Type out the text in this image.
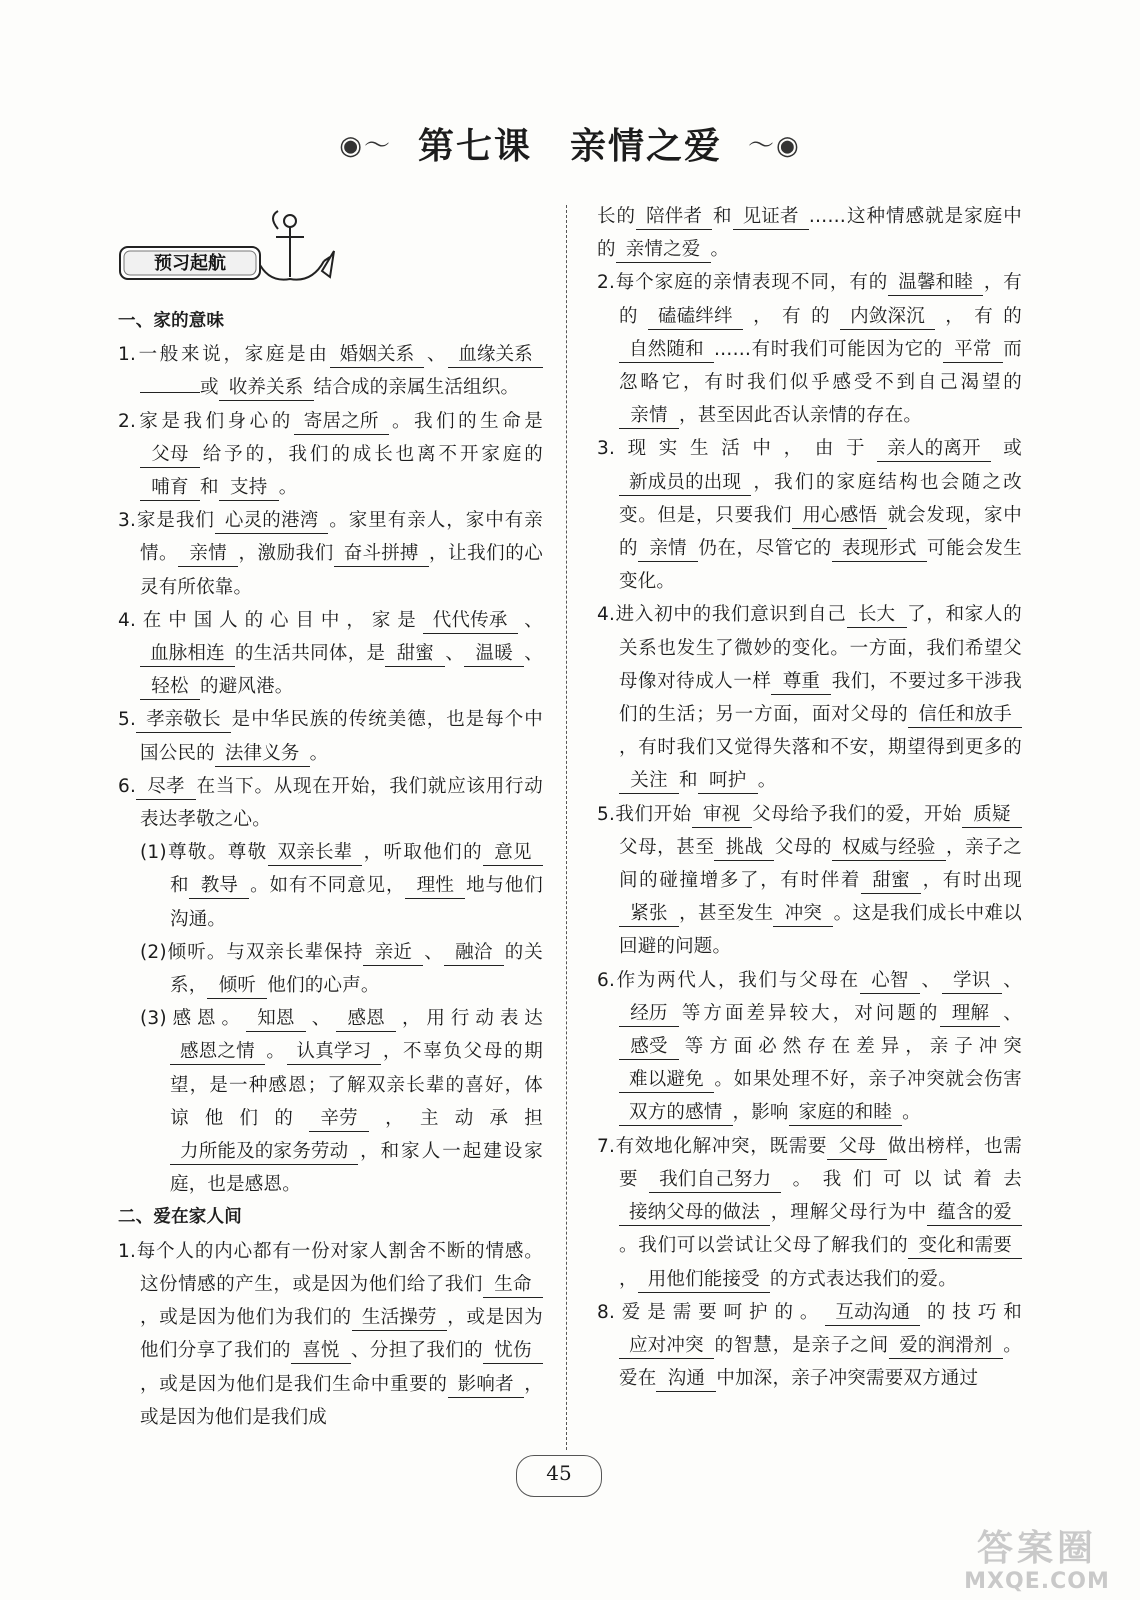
◉〜 第七课 亲情之爱 〜◉
预习起航
一、家的意味
1.一般来说，家庭是由 婚姻关系 、 血缘关系或 收养关系 结合成的亲属生活组织。
2.家是我们身心的 寄居之所 。我们的生命是父母 给予的，我们的成长也离不开家庭的哺育 和 支持 。
3.家是我们 心灵的港湾 。家里有亲人，家中有亲情。 亲情 ，激励我们 奋斗拼搏 ，让我们的心灵有所依靠。
4.在中国人的心目中，家是 代代传承 、血脉相连 的生活共同体，是 甜蜜 、 温暖 、轻松 的避风港。
5. 孝亲敬长 是中华民族的传统美德，也是每个中国公民的 法律义务 。
6. 尽孝 在当下。从现在开始，我们就应该用行动表达孝敬之心。
(1)尊敬。尊敬 双亲长辈 ，听取他们的 意见和 教导 。如有不同意见， 理性 地与他们沟通。
(2)倾听。与双亲长辈保持 亲近 、 融洽 的关系， 倾听 他们的心声。
(3)感恩。 知恩 、 感恩 ，用行动表达感恩之情 。 认真学习 ，不辜负父母的期望，是一种感恩；了解双亲长辈的喜好，体谅他们的 辛劳 ，主动承担力所能及的家务劳动 ，和家人一起建设家庭，也是感恩。
二、爱在家人间
1.每个人的内心都有一份对家人割舍不断的情感。这份情感的产生，或是因为他们给了我们 生命，或是因为他们为我们的 生活操劳 ，或是因为他们分享了我们的 喜悦 、分担了我们的 忧伤，或是因为他们是我们生命中重要的 影响者 ，或是因为他们是我们成
长的 陪伴者 和 见证者 ……这种情感就是家庭中的 亲情之爱 。
2.每个家庭的亲情表现不同，有的 温馨和睦 ，有的 磕磕绊绊 ，有的 内敛深沉 ，有的自然随和 ……有时我们可能因为它的 平常 而忽略它，有时我们似乎感受不到自己渴望的亲情 ，甚至因此否认亲情的存在。
3.现实生活中，由于 亲人的离开 或新成员的出现 ，我们的家庭结构也会随之改变。但是，只要我们 用心感悟 就会发现，家中的 亲情 仍在，尽管它的 表现形式 可能会发生变化。
4.进入初中的我们意识到自己 长大 了，和家人的关系也发生了微妙的变化。一方面，我们希望父母像对待成人一样 尊重 我们，不要过多干涉我们的生活；另一方面，面对父母的 信任和放手，有时我们又觉得失落和不安，期望得到更多的关注 和 呵护 。
5.我们开始 审视 父母给予我们的爱，开始 质疑父母，甚至 挑战 父母的 权威与经验 ，亲子之间的碰撞增多了，有时伴着 甜蜜 ，有时出现紧张 ，甚至发生 冲突 。这是我们成长中难以回避的问题。
6.作为两代人，我们与父母在 心智 、 学识 、经历 等方面差异较大，对问题的 理解 、感受 等方面必然存在差异，亲子冲突难以避免 。如果处理不好，亲子冲突就会伤害双方的感情 ，影响 家庭的和睦 。
7.有效地化解冲突，既需要 父母 做出榜样，也需要 我们自己努力 。我们可以试着去接纳父母的做法 ，理解父母行为中 蕴含的爱。我们可以尝试让父母了解我们的 变化和需要， 用他们能接受 的方式表达我们的爱。
8.爱是需要呵护的。 互动沟通 的技巧和应对冲突 的智慧，是亲子之间 爱的润滑剂 。爱在 沟通 中加深，亲子冲突需要双方通过
45
答案圈
MXQE.COM
